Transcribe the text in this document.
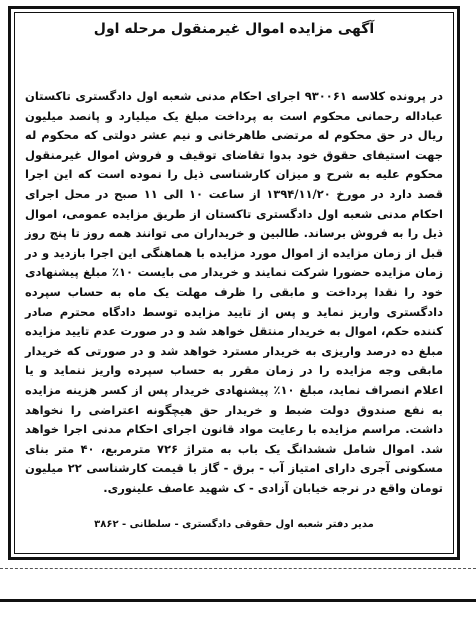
آگهی مزایده اموال غیرمنقول مرحله اول
در پرونده کلاسه ۹۳۰۰۶۱ اجرای احکام مدنی شعبه اول دادگستری تاکستان عباداله رحمانی محکوم است به پرداخت مبلغ یک میلیارد و پانصد میلیون ریال در حق محکوم له مرتضی طاهرخانی و نیم عشر دولتی که محکوم له جهت استیفای حقوق خود بدوا تقاضای توقیف و فروش اموال غیرمنقول محکوم علیه به شرح و میزان کارشناسی ذیل را نموده است که این اجرا قصد دارد در مورخ ۱۳۹۴/۱۱/۲۰ از ساعت ۱۰ الی ۱۱ صبح در محل اجرای احکام مدنی شعبه اول دادگستری تاکستان از طریق مزایده عمومی، اموال ذیل را به فروش برساند. طالبین و خریداران می توانند همه روز تا پنج روز قبل از زمان مزایده از اموال مورد مزایده با هماهنگی این اجرا بازدید و در زمان مزایده حضورا شرکت نمایند و خریدار می بایست ۱۰٪ مبلغ پیشنهادی خود را نقدا پرداخت و مابقی را ظرف مهلت یک ماه به حساب سپرده دادگستری واریز نماید و پس از تایید مزایده توسط دادگاه محترم صادر کننده حکم، اموال به خریدار منتقل خواهد شد و در صورت عدم تایید مزایده مبلغ ده درصد واریزی به خریدار مسترد خواهد شد و در صورتی که خریدار مابقی وجه مزایده را در زمان مقرر به حساب سپرده واریز ننماید و یا اعلام انصراف نماید، مبلغ ۱۰٪ پیشنهادی خریدار پس از کسر هزینه مزایده به نفع صندوق دولت ضبط و خریدار حق هیچگونه اعتراضی را نخواهد داشت. مراسم مزایده با رعایت مواد قانون اجرای احکام مدنی اجرا خواهد شد. اموال شامل ششدانگ یک باب به متراژ ۷۲۶ مترمربع، ۴۰ متر بنای مسکونی آجری دارای امتیاز آب - برق - گاز با قیمت کارشناسی ۲۲ میلیون تومان واقع در نرجه خیابان آزادی - ک شهید عاصف علینوری.
مدیر دفتر شعبه اول حقوقی دادگستری - سلطانی - ۳۸۶۲
